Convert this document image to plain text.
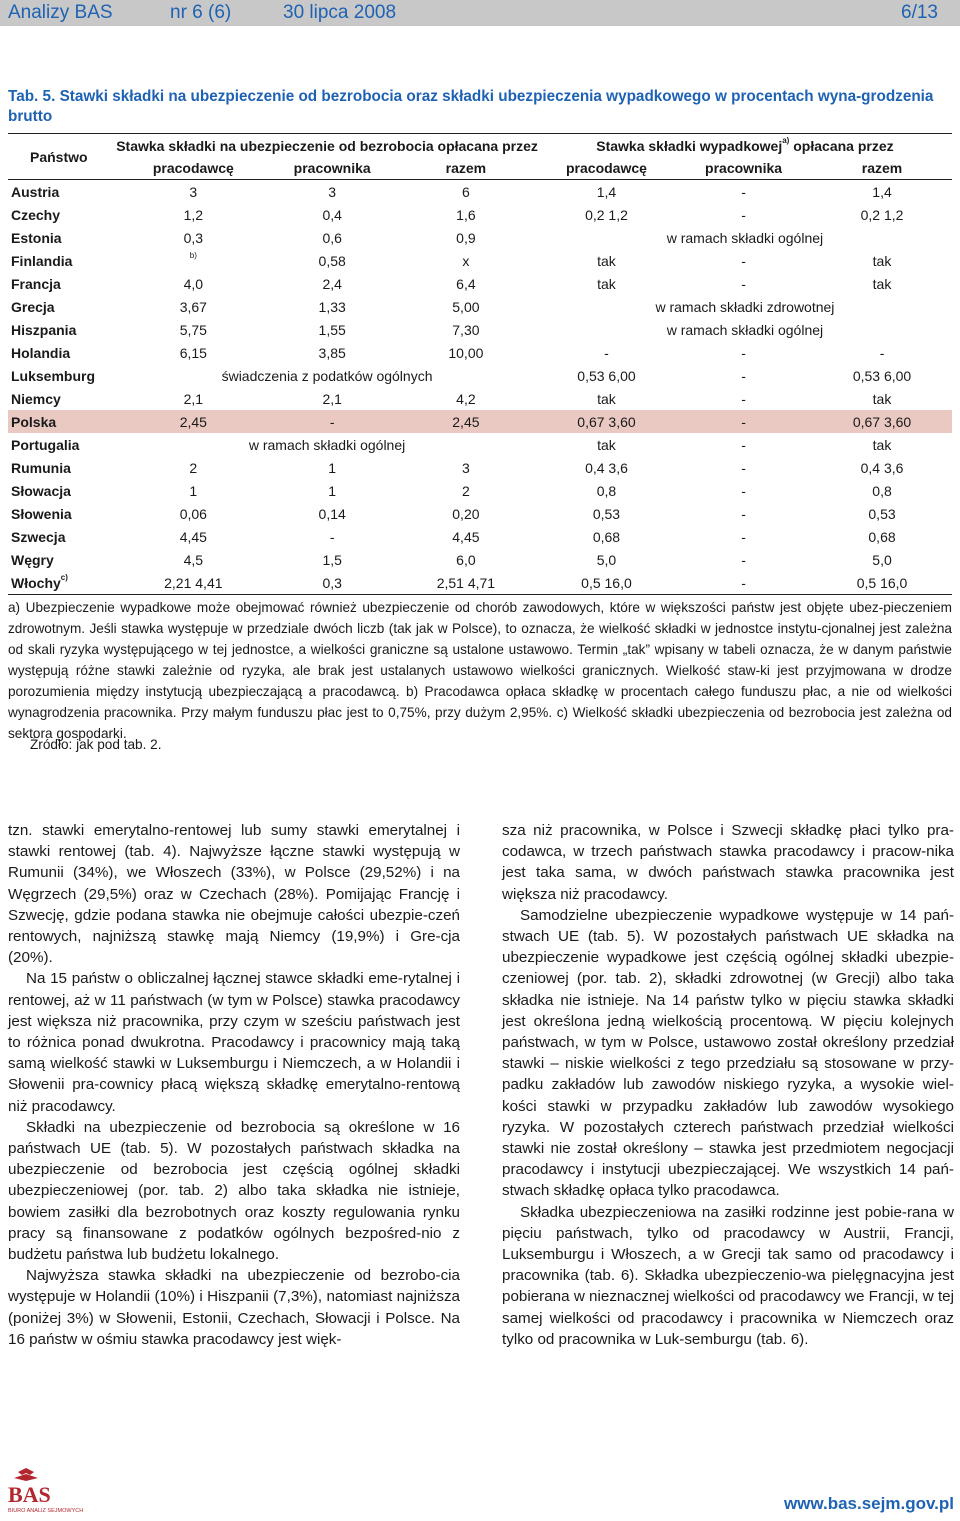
Analizy BAS	nr 6 (6)	30 lipca 2008	6/13
Tab. 5. Stawki składki na ubezpieczenie od bezrobocia oraz składki ubezpieczenia wypadkowego w procentach wyna-grodzenia brutto
Państwo	Stawka składki na ubezpieczenie od bezrobocia opłacana przez			Stawka składki wypadkowej$^{a)}$ opłacana przez		
	pracodawcę	pracownika	razem	pracodawcę	pracownika	razem
Austria	3	3	6	1,4	-	1,4
Czechy	1,2	0,4	1,6	0,2 1,2	-	0,2 1,2
Estonia	0,3	0,6	0,9	w ramach składki ogólnej		
Finlandia	$^{b)}$	0,58	x	tak	-	tak
Francja	4,0	2,4	6,4	tak	-	tak
Grecja	3,67	1,33	5,00	w ramach składki zdrowotnej		
Hiszpania	5,75	1,55	7,30	w ramach składki ogólnej		
Holandia	6,15	3,85	10,00	-	-	-
Luksemburg	świadczenia z podatków ogólnych			0,53 6,00	-	0,53 6,00
Niemcy	2,1	2,1	4,2	tak	-	tak
Polska	2,45	-	2,45	0,67 3,60	-	0,67 3,60
Portugalia	w ramach składki ogólnej			tak	-	tak
Rumunia	2	1	3	0,4 3,6	-	0,4 3,6
Słowacja	1	1	2	0,8	-	0,8
Słowenia	0,06	0,14	0,20	0,53	-	0,53
Szwecja	4,45	-	4,45	0,68	-	0,68
Węgry	4,5	1,5	6,0	5,0	-	5,0
Włochy$^{c)}$	2,21 4,41	0,3	2,51 4,71	0,5 16,0	-	0,5 16,0
a) Ubezpieczenie wypadkowe może obejmować również ubezpieczenie od chorób zawodowych, które w większości państw jest objęte ubez-pieczeniem zdrowotnym. Jeśli stawka występuje w przedziale dwóch liczb (tak jak w Polsce), to oznacza, że wielkość składki w jednostce instytu-cjonalnej jest zależna od skali ryzyka występującego w tej jednostce, a wielkości graniczne są ustalone ustawowo. Termin „tak” wpisany w tabeli oznacza, że w danym państwie występują różne stawki zależnie od ryzyka, ale brak jest ustalanych ustawowo wielkości granicznych. Wielkość staw-ki jest przyjmowana w drodze porozumienia między instytucją ubezpieczającą a pracodawcą. b) Pracodawca opłaca składkę w procentach całego funduszu płac, a nie od wielkości wynagrodzenia pracownika. Przy małym funduszu płac jest to 0,75%, przy dużym 2,95%. c) Wielkość składki ubezpieczenia od bezrobocia jest zależna od sektora gospodarki.
Źródło: jak pod tab. 2.

tzn. stawki emerytalno-rentowej lub sumy stawki emerytalnej i stawki rentowej (tab. 4). Najwyższe łączne stawki występują w Rumunii (34%), we Włoszech (33%), w Polsce (29,52%) i na Węgrzech (29,5%) oraz w Czechach (28%). Pomijając Francję i Szwecję, gdzie podana stawka nie obejmuje całości ubezpie-czeń rentowych, najniższą stawkę mają Niemcy (19,9%) i Gre-cja (20%).

Na 15 państw o obliczalnej łącznej stawce składki eme-rytalnej i rentowej, aż w 11 państwach (w tym w Polsce) stawka pracodawcy jest większa niż pracownika, przy czym w sześciu państwach jest to różnica ponad dwukrotna. Pracodawcy i pracownicy mają taką samą wielkość stawki w Luksemburgu i Niemczech, a w Holandii i Słowenii pra-cownicy płacą większą składkę emerytalno-rentową niż pracodawcy.

Składki na ubezpieczenie od bezrobocia są określone w 16 państwach UE (tab. 5). W pozostałych państwach składka na ubezpieczenie od bezrobocia jest częścią ogólnej składki ubezpieczeniowej (por. tab. 2) albo taka składka nie istnieje, bowiem zasiłki dla bezrobotnych oraz koszty regulowania rynku pracy są finansowane z podatków ogólnych bezpośred-nio z budżetu państwa lub budżetu lokalnego.

Najwyższa stawka składki na ubezpieczenie od bezrobo-cia występuje w Holandii (10%) i Hiszpanii (7,3%), natomiast najniższa (poniżej 3%) w Słowenii, Estonii, Czechach, Słowacji i Polsce. Na 16 państw w ośmiu stawka pracodawcy jest więk-

sza niż pracownika, w Polsce i Szwecji składkę płaci tylko pra-codawca, w trzech państwach stawka pracodawcy i pracow-nika jest taka sama, w dwóch państwach stawka pracownika jest większa niż pracodawcy.

Samodzielne ubezpieczenie wypadkowe występuje w 14 pań-stwach UE (tab. 5). W pozostałych państwach UE składka na ubezpieczenie wypadkowe jest częścią ogólnej składki ubezpie-czeniowej (por. tab. 2), składki zdrowotnej (w Grecji) albo taka składka nie istnieje. Na 14 państw tylko w pięciu stawka składki jest określona jedną wielkością procentową. W pięciu kolejnych państwach, w tym w Polsce, ustawowo został określony przedział stawki – niskie wielkości z tego przedziału są stosowane w przy-padku zakładów lub zawodów niskiego ryzyka, a wysokie wiel-kości stawki w przypadku zakładów lub zawodów wysokiego ryzyka. W pozostałych czterech państwach przedział wielkości stawki nie został określony – stawka jest przedmiotem negocjacji pracodawcy i instytucji ubezpieczającej. We wszystkich 14 pań-stwach składkę opłaca tylko pracodawca.

Składka ubezpieczeniowa na zasiłki rodzinne jest pobie-rana w pięciu państwach, tylko od pracodawcy w Austrii, Francji, Luksemburgu i Włoszech, a w Grecji tak samo od pracodawcy i pracownika (tab. 6). Składka ubezpieczenio-wa pielęgnacyjna jest pobierana w nieznacznej wielkości od pracodawcy we Francji, w tej samej wielkości od pracodawcy i pracownika w Niemczech oraz tylko od pracownika w Luk-semburgu (tab. 6).

BAS
BIURO ANALIZ SEJMOWYCH	www.bas.sejm.gov.pl
